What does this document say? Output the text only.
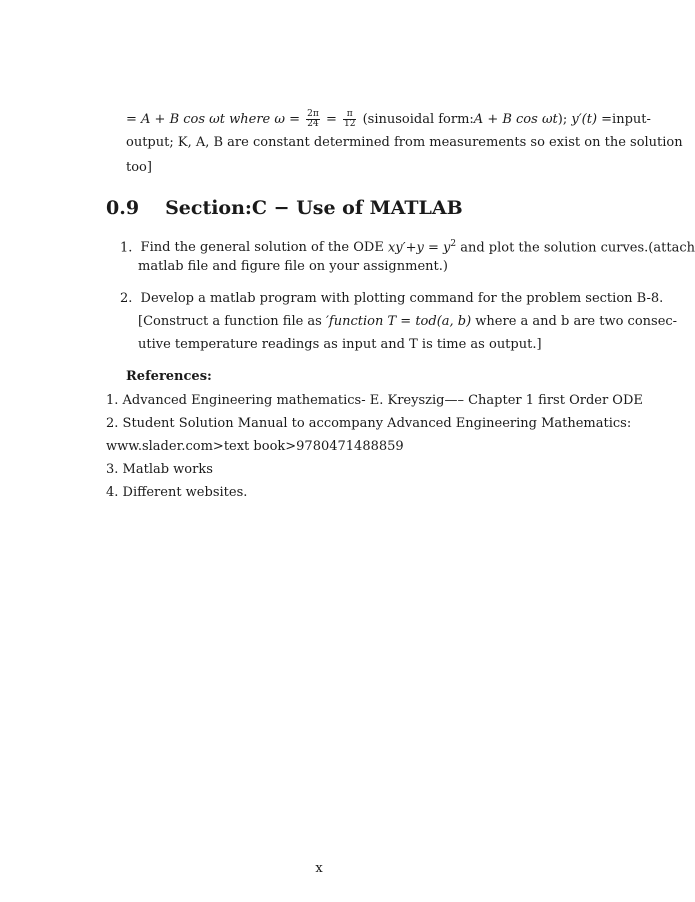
= A + B cos ωt where $\omega = \frac{2\pi}{24} = \frac{\pi}{12}$ (sinusoidal form:A + B cos ωt); y′(t) =input-
output; K, A, B are constant determined from measurements so exist on the solution
too]
0.9 Section:C − Use of MATLAB
1. Find the general solution of the ODE $xy'+y = y^2$ and plot the solution curves.(attach
matlab file and figure file on your assignment.)
2. Develop a matlab program with plotting command for the problem section B-8.
[Construct a function file as ′function T = tod(a, b) where a and b are two consec-
utive temperature readings as input and T is time as output.]
References:
1. Advanced Engineering mathematics- E. Kreyszig—– Chapter 1 first Order ODE
2. Student Solution Manual to accompany Advanced Engineering Mathematics:
www.slader.com>text book>9780471488859
3. Matlab works
4. Different websites.
x
